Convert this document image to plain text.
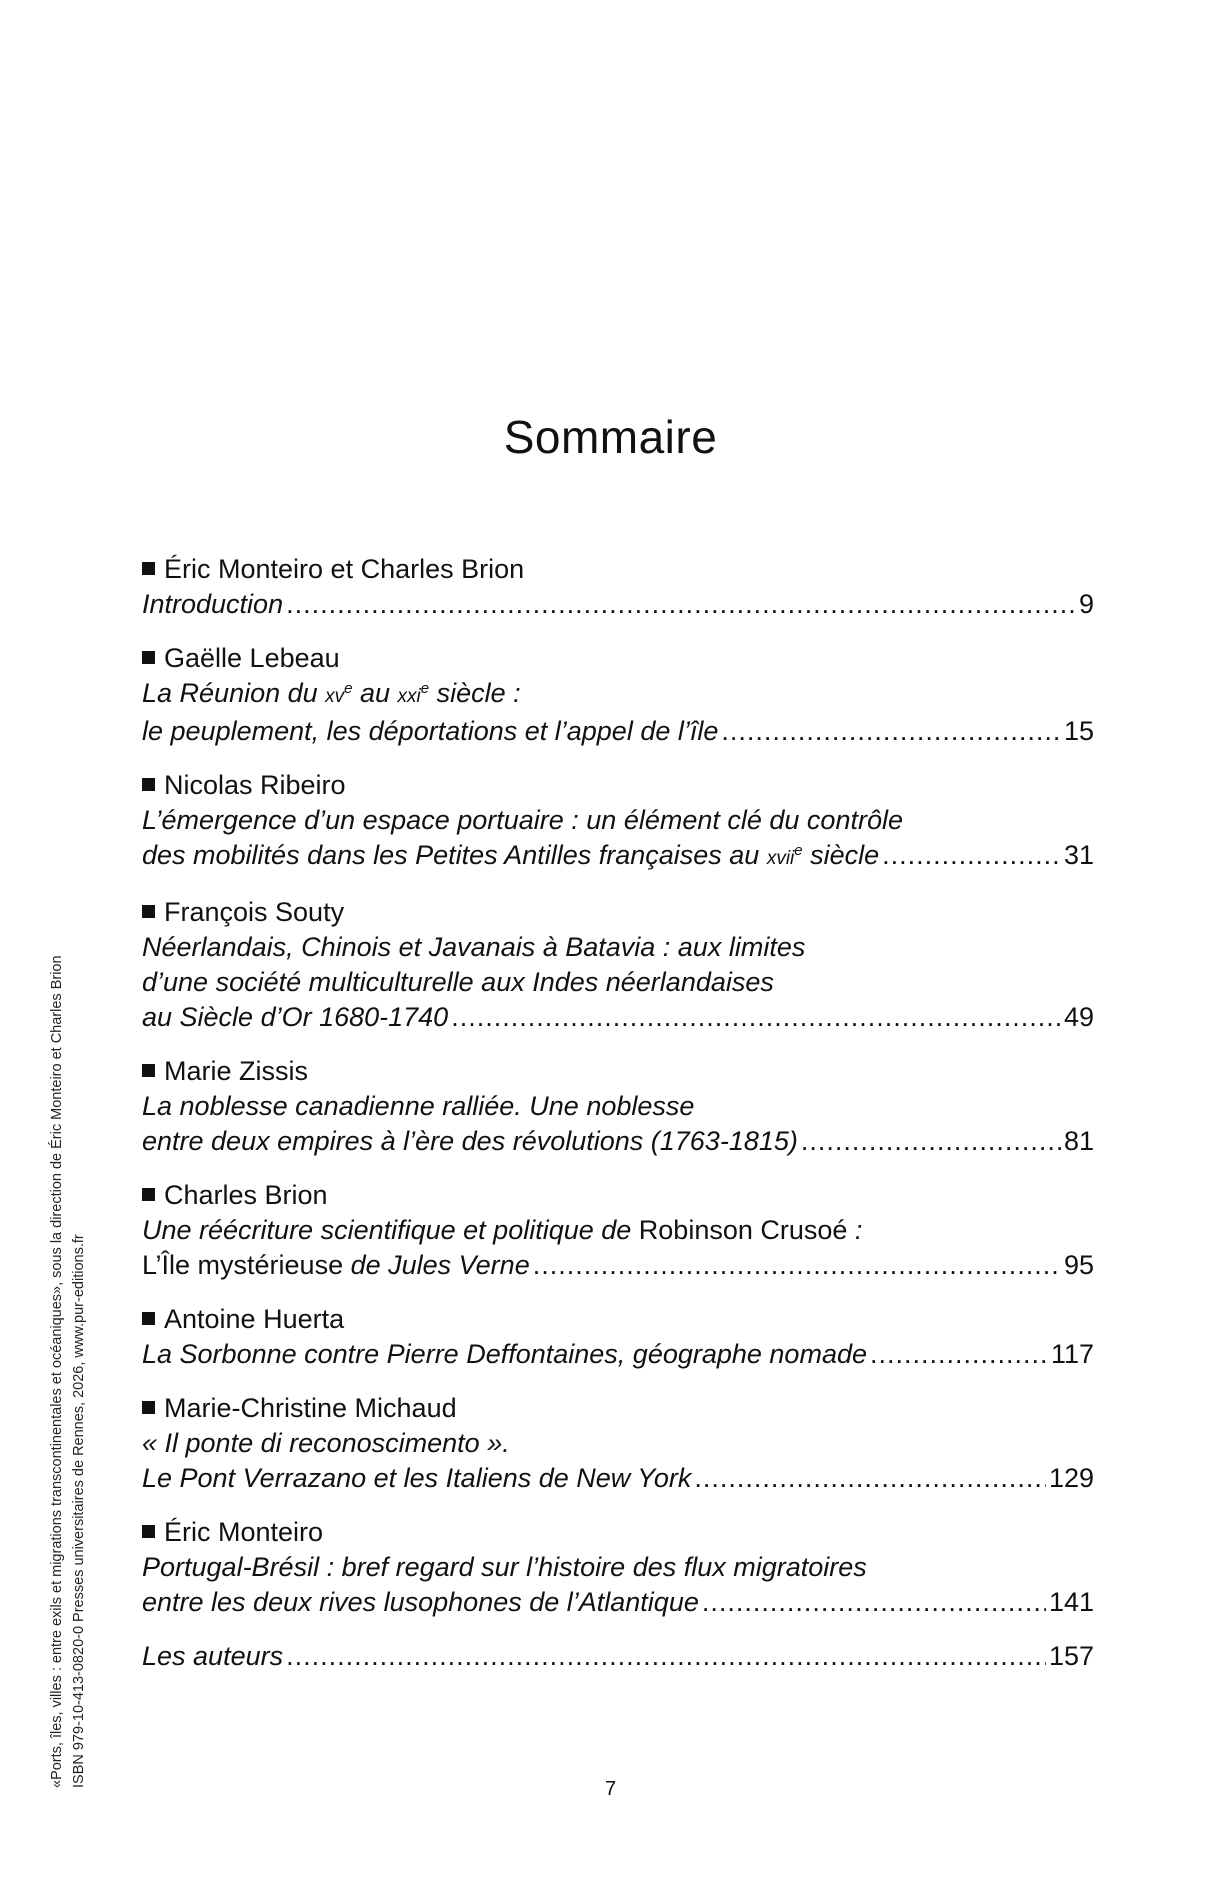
Sommaire
Éric Monteiro et Charles Brion
Introduction .....	9
Gaëlle Lebeau
La Réunion du $xv^e$ au xxi$^e$ siècle :
le peuplement, les déportations et l’appel de l’île .....	15
Nicolas Ribeiro
L’émergence d’un espace portuaire : un élément clé du contrôle
des mobilités dans les Petites Antilles françaises au xvii$^e$ siècle .....	31
François Souty
Néerlandais, Chinois et Javanais à Batavia : aux limites
d’une société multiculturelle aux Indes néerlandaises
au Siècle d’Or 1680-1740 .....	49
Marie Zissis
La noblesse canadienne ralliée. Une noblesse
entre deux empires à l’ère des révolutions (1763-1815) .....	81
Charles Brion
Une réécriture scientifique et politique de Robinson Crusoé :
L’Île mystérieuse de Jules Verne .....	95
Antoine Huerta
La Sorbonne contre Pierre Deffontaines, géographe nomade .....	117
Marie-Christine Michaud
« Il ponte di reconoscimento ».
Le Pont Verrazano et les Italiens de New York .....	129
Éric Monteiro
Portugal-Brésil : bref regard sur l’histoire des flux migratoires
entre les deux rives lusophones de l’Atlantique .....	141
Les auteurs .....	157
«Ports, îles, villes : entre exils et migrations transcontinentales et océaniques», sous la direction de Éric Monteiro et Charles Brion ISBN 979-10-413-0820-0 Presses universitaires de Rennes, 2026, www.pur-editions.fr
7
